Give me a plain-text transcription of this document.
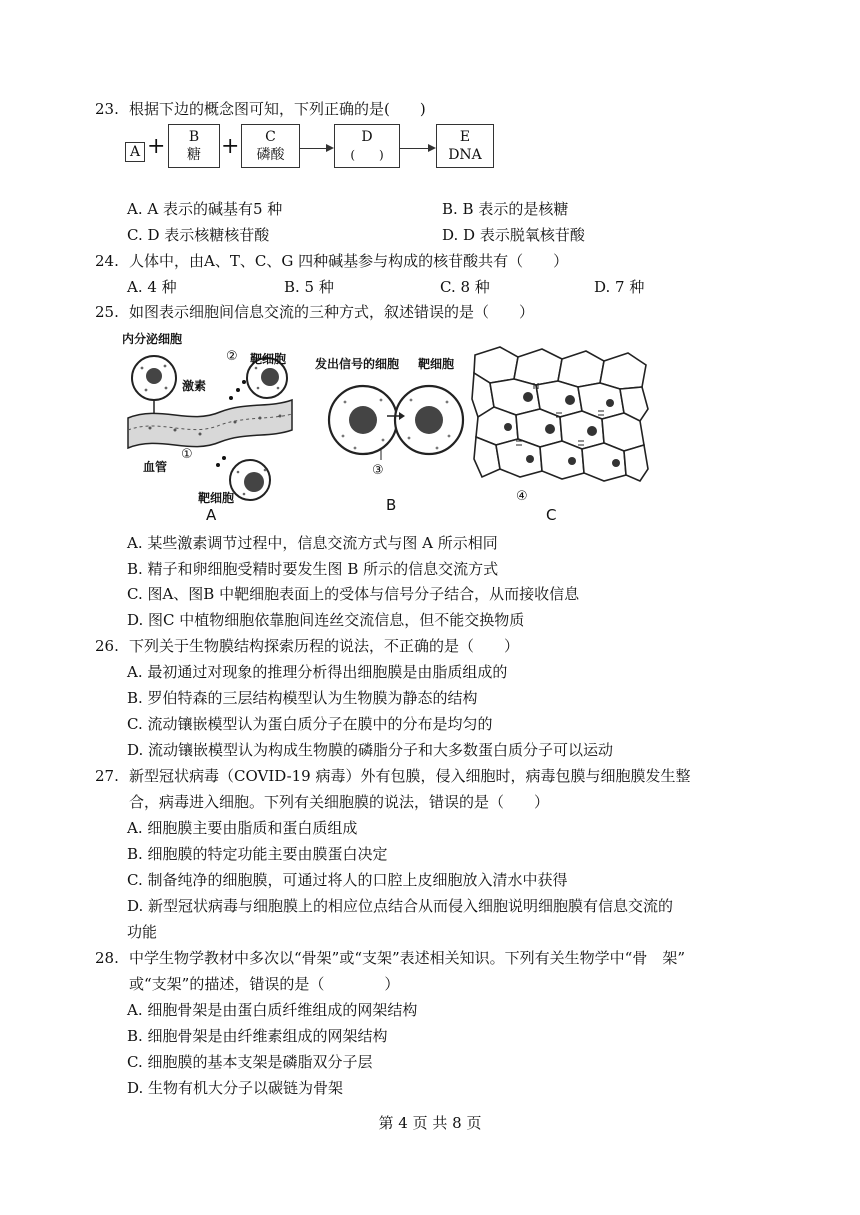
23. 根据下边的概念图可知，下列正确的是(　　)
A +	B
糖 +	C
磷酸
D
(　　)
E
DNA
A. A 表示的碱基有5 种	B. B 表示的是核糖
C. D 表示核糖核苷酸	D. D 表示脱氧核苷酸
24. 人体中，由A、T、C、G 四种碱基参与构成的核苷酸共有（　　）
A. 4 种	B. 5 种	C. 8 种	D. 7 种
25. 如图表示细胞间信息交流的三种方式，叙述错误的是（　　）
内分泌细胞
激素
靶细胞
②
①
血管
靶细胞
A
发出信号的细胞 靶细胞
③
B	④
C
A. 某些激素调节过程中，信息交流方式与图 A 所示相同
B. 精子和卵细胞受精时要发生图 B 所示的信息交流方式
C. 图A、图B 中靶细胞表面上的受体与信号分子结合，从而接收信息
D. 图C 中植物细胞依靠胞间连丝交流信息，但不能交换物质
26. 下列关于生物膜结构探索历程的说法，不正确的是（　　）
A. 最初通过对现象的推理分析得出细胞膜是由脂质组成的
B. 罗伯特森的三层结构模型认为生物膜为静态的结构
C. 流动镶嵌模型认为蛋白质分子在膜中的分布是均匀的
D. 流动镶嵌模型认为构成生物膜的磷脂分子和大多数蛋白质分子可以运动
27. 新型冠状病毒（COVID-19 病毒）外有包膜，侵入细胞时，病毒包膜与细胞膜发生整
合，病毒进入细胞。下列有关细胞膜的说法，错误的是（　　）
A. 细胞膜主要由脂质和蛋白质组成
B. 细胞膜的特定功能主要由膜蛋白决定
C. 制备纯净的细胞膜，可通过将人的口腔上皮细胞放入清水中获得
D. 新型冠状病毒与细胞膜上的相应位点结合从而侵入细胞说明细胞膜有信息交流的
功能
28. 中学生物学教材中多次以“骨架”或“支架”表述相关知识。下列有关生物学中“骨　架”
或“支架”的描述，错误的是（　　　　）
A. 细胞骨架是由蛋白质纤维组成的网架结构
B. 细胞骨架是由纤维素组成的网架结构
C. 细胞膜的基本支架是磷脂双分子层
D. 生物有机大分子以碳链为骨架
第 4 页 共 8 页
